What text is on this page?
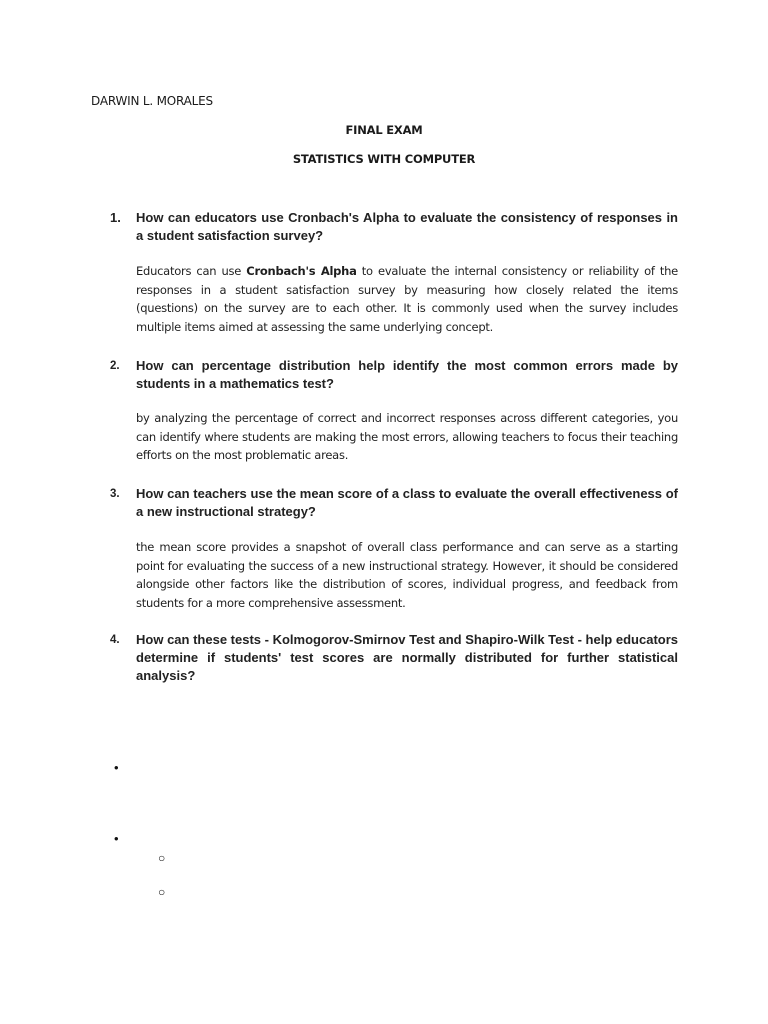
DARWIN L. MORALES
FINAL EXAM
STATISTICS WITH COMPUTER
1.	How can educators use Cronbach's Alpha to evaluate the consistency of responses in a student satisfaction survey?
Educators can use Cronbach's Alpha to evaluate the internal consistency or reliability of the responses in a student satisfaction survey by measuring how closely related the items (questions) on the survey are to each other. It is commonly used when the survey includes multiple items aimed at assessing the same underlying concept.
2.	How can percentage distribution help identify the most common errors made by students in a mathematics test?
by analyzing the percentage of correct and incorrect responses across different categories, you can identify where students are making the most errors, allowing teachers to focus their teaching efforts on the most problematic areas.
3.	How can teachers use the mean score of a class to evaluate the overall effectiveness of a new instructional strategy?
the mean score provides a snapshot of overall class performance and can serve as a starting point for evaluating the success of a new instructional strategy. However, it should be considered alongside other factors like the distribution of scores, individual progress, and feedback from students for a more comprehensive assessment.
4.	How can these tests - Kolmogorov-Smirnov Test and Shapiro-Wilk Test - help educators determine if students' test scores are normally distributed for further statistical analysis?
•
•
○
○
